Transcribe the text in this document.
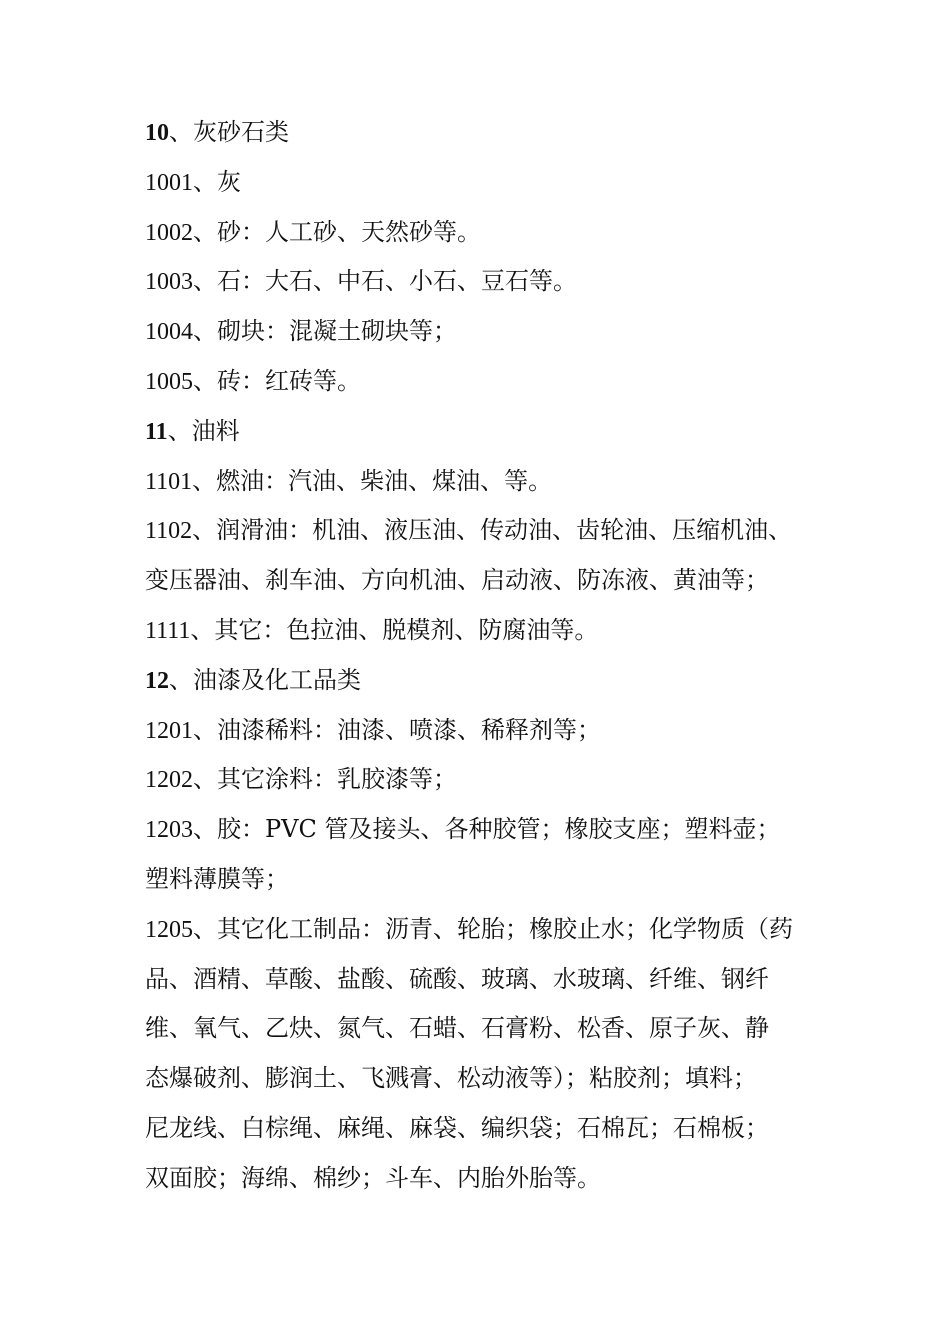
10、灰砂石类
1001、灰
1002、砂：人工砂、天然砂等。
1003、石：大石、中石、小石、豆石等。
1004、砌块：混凝土砌块等；
1005、砖：红砖等。
11、油料
1101、燃油：汽油、柴油、煤油、等。
1102、润滑油：机油、液压油、传动油、齿轮油、压缩机油、
变压器油、刹车油、方向机油、启动液、防冻液、黄油等；
1111、其它：色拉油、脱模剂、防腐油等。
12、油漆及化工品类
1201、油漆稀料：油漆、喷漆、稀释剂等；
1202、其它涂料：乳胶漆等；
1203、胶：PVC 管及接头、各种胶管；橡胶支座；塑料壶；
塑料薄膜等；
1205、其它化工制品：沥青、轮胎；橡胶止水；化学物质（药
品、酒精、草酸、盐酸、硫酸、玻璃、水玻璃、纤维、钢纤
维、氧气、乙炔、氮气、石蜡、石膏粉、松香、原子灰、静
态爆破剂、膨润土、飞溅膏、松动液等）；粘胶剂；填料；
尼龙线、白棕绳、麻绳、麻袋、编织袋；石棉瓦；石棉板；
双面胶；海绵、棉纱；斗车、内胎外胎等。
